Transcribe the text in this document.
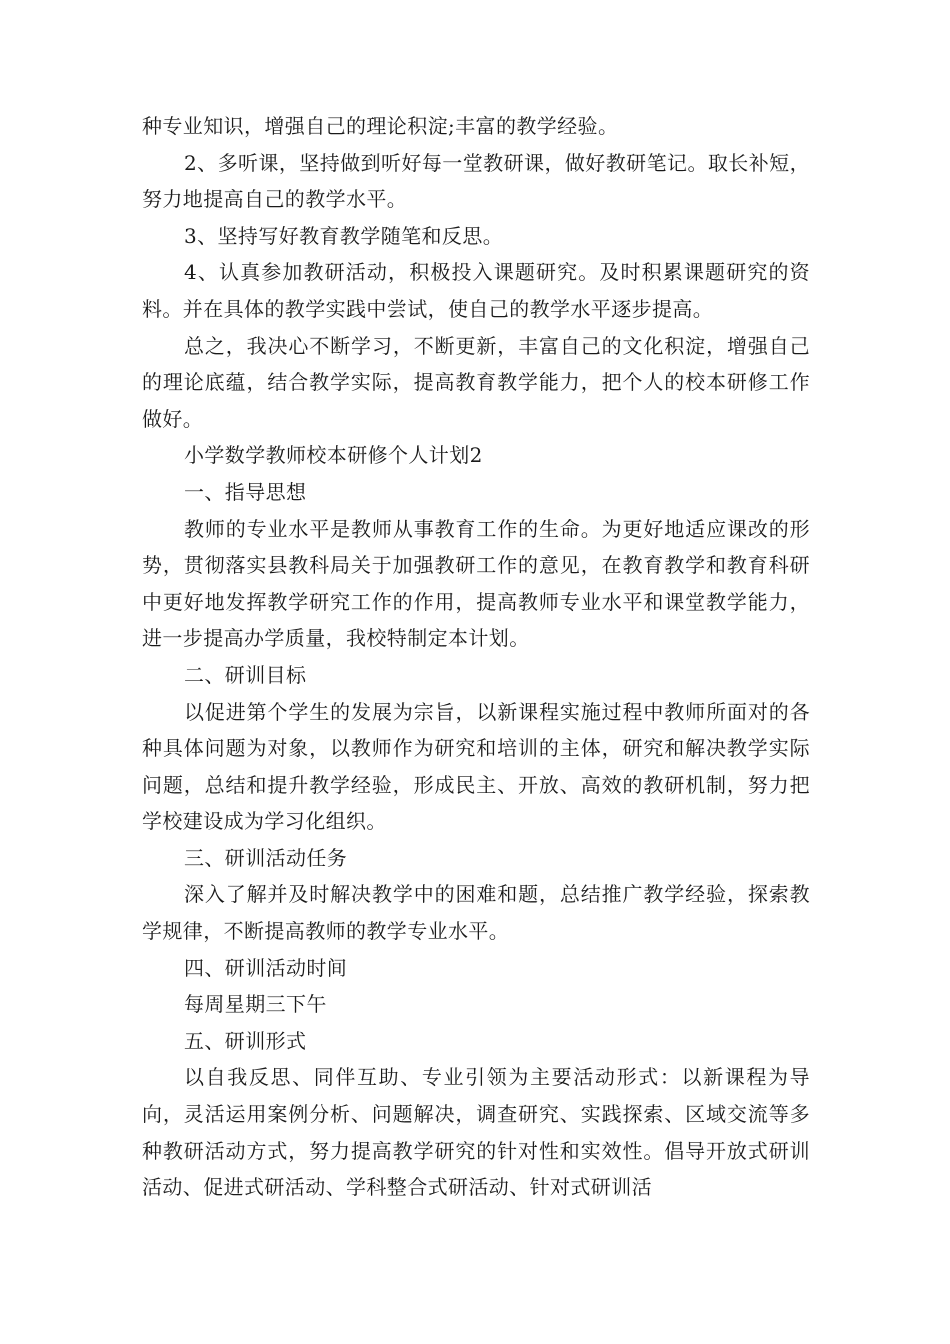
种专业知识，增强自己的理论积淀;丰富的教学经验。

2、多听课，坚持做到听好每一堂教研课，做好教研笔记。取长补短，努力地提高自己的教学水平。

3、坚持写好教育教学随笔和反思。

4、认真参加教研活动，积极投入课题研究。及时积累课题研究的资料。并在具体的教学实践中尝试，使自己的教学水平逐步提高。

总之，我决心不断学习，不断更新，丰富自己的文化积淀，增强自己的理论底蕴，结合教学实际，提高教育教学能力，把个人的校本研修工作做好。

小学数学教师校本研修个人计划2

一、指导思想

教师的专业水平是教师从事教育工作的生命。为更好地适应课改的形势，贯彻落实县教科局关于加强教研工作的意见，在教育教学和教育科研中更好地发挥教学研究工作的作用，提高教师专业水平和课堂教学能力，进一步提高办学质量，我校特制定本计划。

二、研训目标

以促进第个学生的发展为宗旨，以新课程实施过程中教师所面对的各种具体问题为对象，以教师作为研究和培训的主体，研究和解决教学实际问题，总结和提升教学经验，形成民主、开放、高效的教研机制，努力把学校建设成为学习化组织。

三、研训活动任务

深入了解并及时解决教学中的困难和题，总结推广教学经验，探索教学规律，不断提高教师的教学专业水平。

四、研训活动时间

每周星期三下午

五、研训形式

以自我反思、同伴互助、专业引领为主要活动形式：以新课程为导向，灵活运用案例分析、问题解决，调查研究、实践探索、区域交流等多种教研活动方式，努力提高教学研究的针对性和实效性。倡导开放式研训活动、促进式研活动、学科整合式研活动、针对式研训活
